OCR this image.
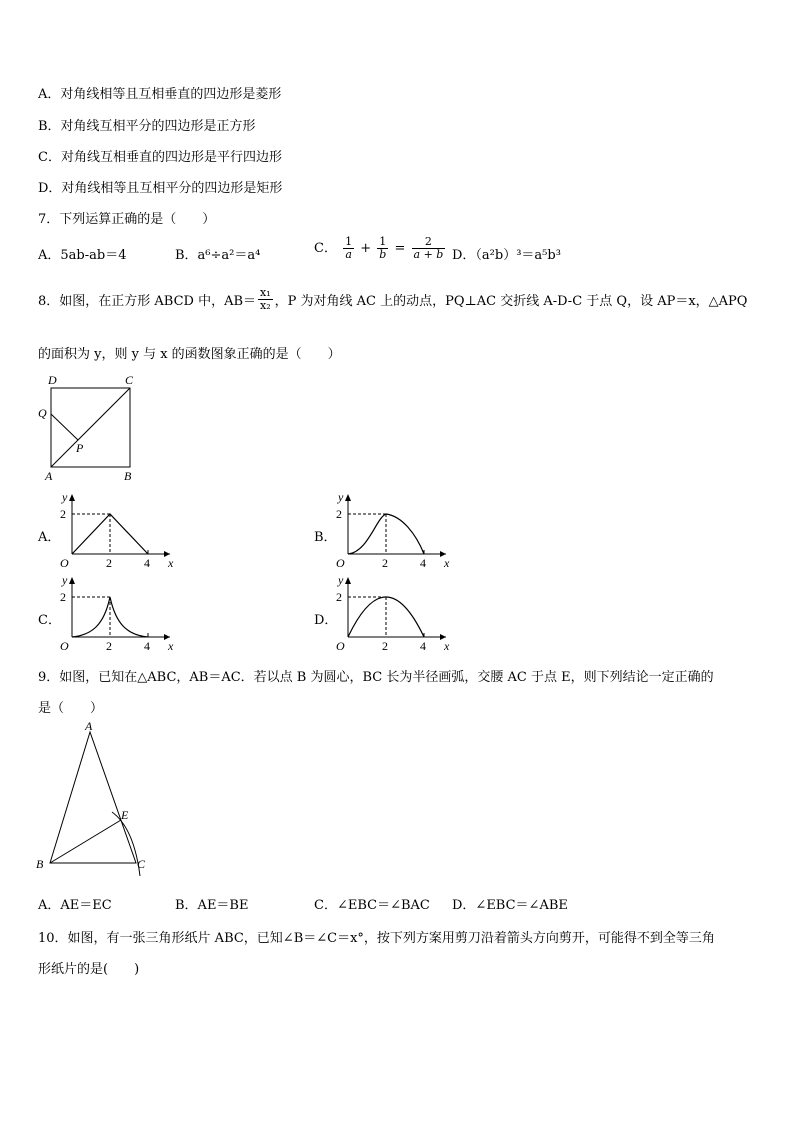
A．对角线相等且互相垂直的四边形是菱形
B．对角线互相平分的四边形是正方形
C．对角线互相垂直的四边形是平行四边形
D．对角线相等且互相平分的四边形是矩形
7．下列运算正确的是（　　）
A．5ab-ab＝4	B．a⁶÷a²＝a⁴	C． $\frac{1}{a} + \frac{1}{b} = \frac{2}{a + b}$ D．（a²b）³＝a⁵b³
8．如图，在正方形 ABCD 中，$AB= \frac{\text{x₁}}{\text{x₂}}$ ，P 为对角线 AC 上的动点，PQ⊥AC 交折线 A-D-C 于点 Q，设 AP＝x，△APQ
的面积为 y，则 y 与 x 的函数图象正确的是（　　）
D	C
Q
P
A	B
A．	B．
C．	D．
y
2
O	2	4 x
y
2
O	2	4 x
y
2
O	2	4 x
y
2
O	2	4 x
9．如图，已知在△ABC，AB＝AC．若以点 B 为圆心，BC 长为半径画弧，交腰 AC 于点 E，则下列结论一定正确的
是（　　）
A
B	C
E
A．AE＝EC	B．AE＝BE	C．∠EBC＝∠BAC D．∠EBC＝∠ABE
10．如图，有一张三角形纸片 ABC，已知∠B＝∠C＝x°，按下列方案用剪刀沿着箭头方向剪开，可能得不到全等三角
形纸片的是(　　)
